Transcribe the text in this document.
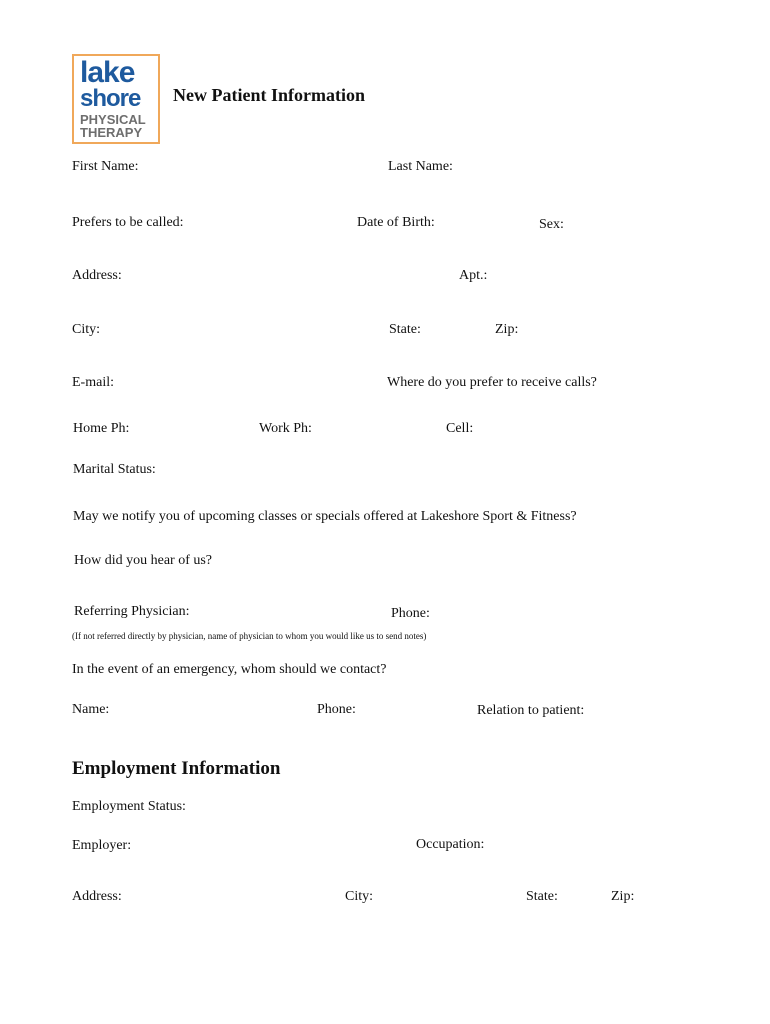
lake
shore
PHYSICAL
THERAPY
New Patient Information
First Name:	Last Name:
Prefers to be called:	Date of Birth:	Sex:
Address:	Apt.:
City:	State:	Zip:
E-mail:	Where do you prefer to receive calls?
Home Ph:	Work Ph:	Cell:
Marital Status:
May we notify you of upcoming classes or specials offered at Lakeshore Sport & Fitness?
How did you hear of us?
Referring Physician:	Phone:
(If not referred directly by physician, name of physician to whom you would like us to send notes)
In the event of an emergency, whom should we contact?
Name:	Phone:	Relation to patient:
Employment Information
Employment Status:
Employer:	Occupation:
Address:	City:	State:	Zip:
